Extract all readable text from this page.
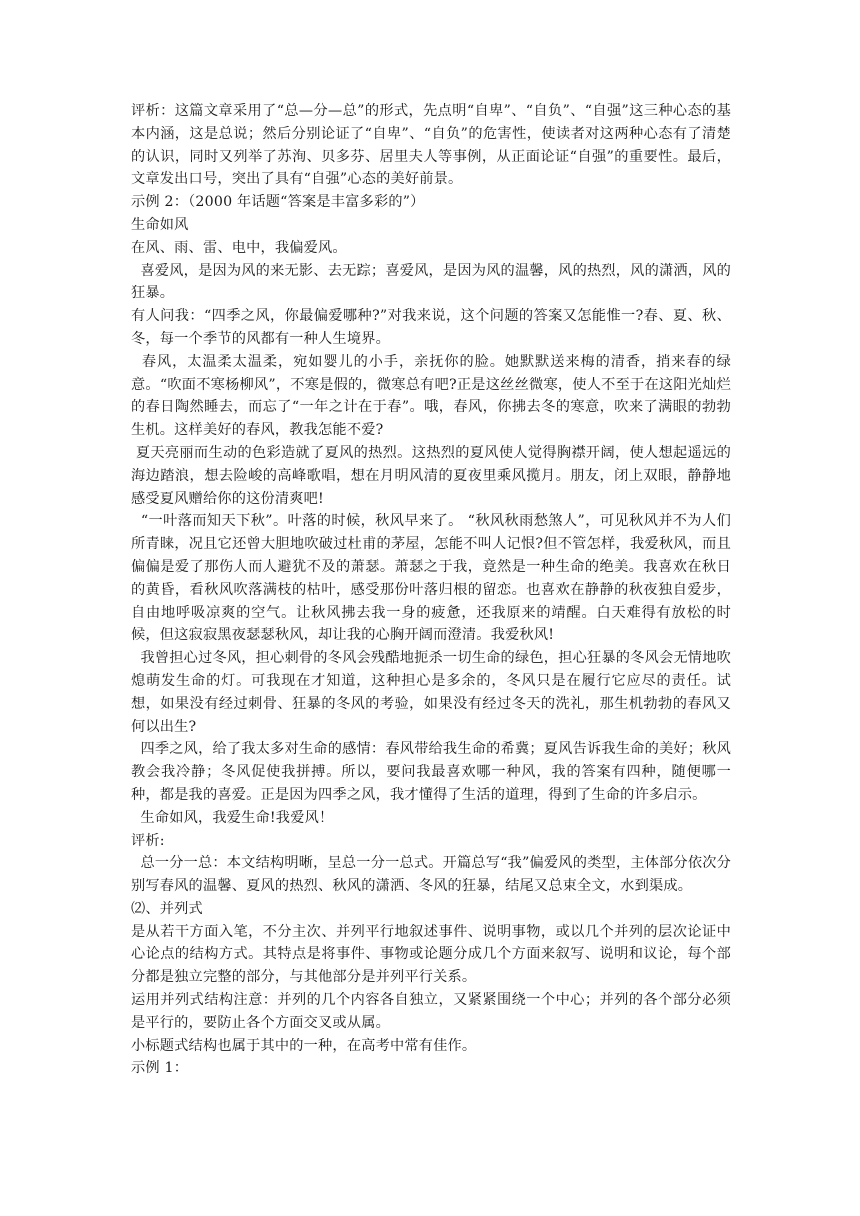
评析：这篇文章采用了“总—分—总”的形式，先点明“自卑”、“自负”、“自强”这三种心态的基本内涵，这是总说；然后分别论证了“自卑”、“自负”的危害性，使读者对这两种心态有了清楚的认识，同时又列举了苏洵、贝多芬、居里夫人等事例，从正面论证“自强”的重要性。最后，文章发出口号，突出了具有“自强”心态的美好前景。

示例 2：（2000 年话题“答案是丰富多彩的”）

生命如风

在风、雨、雷、电中，我偏爱风。

喜爱风，是因为风的来无影、去无踪；喜爱风，是因为风的温馨，风的热烈，风的潇洒，风的狂暴。

有人问我：“四季之风，你最偏爱哪种?”对我来说，这个问题的答案又怎能惟一?春、夏、秋、冬，每一个季节的风都有一种人生境界。

春风，太温柔太温柔，宛如婴儿的小手，亲抚你的脸。她默默送来梅的清香，捎来春的绿意。“吹面不寒杨柳风”，不寒是假的，微寒总有吧?正是这丝丝微寒，使人不至于在这阳光灿烂的春日陶然睡去，而忘了“一年之计在于春”。哦，春风，你拂去冬的寒意，吹来了满眼的勃勃生机。这样美好的春风，教我怎能不爱?

夏天亮丽而生动的色彩造就了夏风的热烈。这热烈的夏风使人觉得胸襟开阔，使人想起遥远的海边踏浪，想去险峻的高峰歌唱，想在月明风清的夏夜里乘风揽月。朋友，闭上双眼，静静地感受夏风赠给你的这份清爽吧!

“一叶落而知天下秋”。叶落的时候，秋风早来了。 “秋风秋雨愁煞人”，可见秋风并不为人们所青睐，况且它还曾大胆地吹破过杜甫的茅屋，怎能不叫人记恨?但不管怎样，我爱秋风，而且偏偏是爱了那伤人而人避犹不及的萧瑟。萧瑟之于我，竟然是一种生命的绝美。我喜欢在秋日的黄昏，看秋风吹落满枝的枯叶，感受那份叶落归根的留恋。也喜欢在静静的秋夜独自爱步，自由地呼吸凉爽的空气。让秋风拂去我一身的疲惫，还我原来的靖醒。白天难得有放松的时候，但这寂寂黑夜瑟瑟秋风，却让我的心胸开阔而澄清。我爱秋风!

我曾担心过冬风，担心刺骨的冬风会残酷地扼杀一切生命的绿色，担心狂暴的冬风会无情地吹熄萌发生命的灯。可我现在才知道，这种担心是多余的，冬风只是在履行它应尽的责任。试想，如果没有经过刺骨、狂暴的冬风的考验，如果没有经过冬天的洗礼，那生机勃勃的春风又何以出生?

四季之风，给了我太多对生命的感情：春风带给我生命的希冀；夏风告诉我生命的美好；秋风教会我冷静；冬风促使我拼搏。所以，要问我最喜欢哪一种风，我的答案有四种，随便哪一种，都是我的喜爱。正是因为四季之风，我才懂得了生活的道理，得到了生命的许多启示。

生命如风，我爱生命!我爱风！

评析:

总一分一总：本文结构明晰，呈总一分一总式。开篇总写“我”偏爱风的类型，主体部分依次分别写春风的温馨、夏风的热烈、秋风的潇洒、冬风的狂暴，结尾又总束全文，水到渠成。

⑵、并列式

是从若干方面入笔，不分主次、并列平行地叙述事件、说明事物，或以几个并列的层次论证中心论点的结构方式。其特点是将事件、事物或论题分成几个方面来叙写、说明和议论，每个部分都是独立完整的部分，与其他部分是并列平行关系。

运用并列式结构注意：并列的几个内容各自独立，又紧紧围绕一个中心；并列的各个部分必须是平行的，要防止各个方面交叉或从属。

小标题式结构也属于其中的一种，在高考中常有佳作。

示例 1：
